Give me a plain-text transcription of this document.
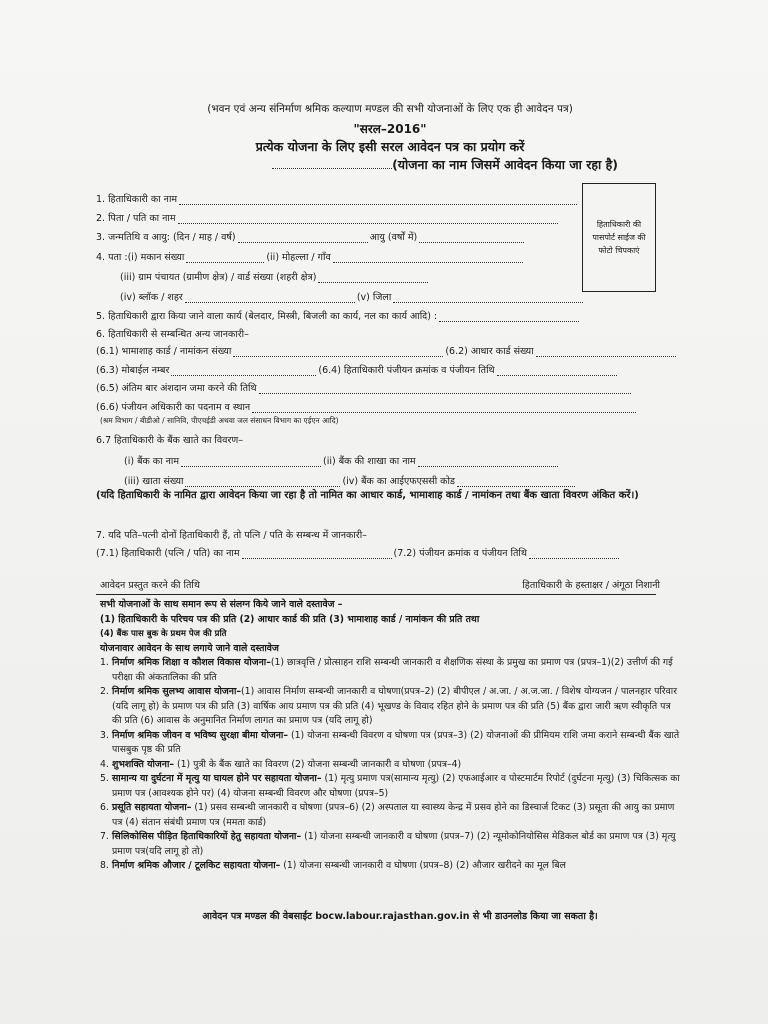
(भवन एवं अन्य संनिर्माण श्रमिक कल्याण मण्डल की सभी योजनाओं के लिए एक ही आवेदन पत्र)
"सरल–2016"
प्रत्येक योजना के लिए इसी सरल आवेदन पत्र का प्रयोग करें
(योजना का नाम जिसमें आवेदन किया जा रहा है)
हिताधिकारी की पासपोर्ट साईज की फोटो चिपकाएं
1. हिताधिकारी का नाम
2. पिता / पति का नाम
3. जन्मतिथि व आयु: (दिन / माह / वर्ष)	आयु (वर्षों में)
4. पता :(i) मकान संख्या	(ii) मोहल्ला / गाँव
(iii) ग्राम पंचायत (ग्रामीण क्षेत्र) / वार्ड संख्या (शहरी क्षेत्र)
(iv) ब्लॉक / शहर	(v) जिला
5. हिताधिकारी द्वारा किया जाने वाला कार्य (बेलदार, मिस्त्री, बिजली का कार्य, नल का कार्य आदि) :
6. हिताधिकारी से सम्बन्धित अन्य जानकारी–
(6.1) भामाशाह कार्ड / नामांकन संख्या	(6.2) आधार कार्ड संख्या
(6.3) मोबाईल नम्बर	(6.4) हिताधिकारी पंजीयन क्रमांक व पंजीयन तिथि
(6.5) अंतिम बार अंशदान जमा करने की तिथि
(6.6) पंजीयन अधिकारी का पदनाम व स्थान
(श्रम विभाग / बीडीओ / सानिवि, पीएचईडी अथवा जल संसाधन विभाग का एईएन आदि)
6.7 हिताधिकारी के बैंक खाते का विवरण–
(i) बैंक का नाम	(ii) बैंक की शाखा का नाम
(iii) खाता संख्या	(iv) बैंक का आईएफएससी कोड
(यदि हिताधिकारी के नामित द्वारा आवेदन किया जा रहा है तो नामित का आधार कार्ड, भामाशाह कार्ड / नामांकन तथा बैंक खाता विवरण अंकित करें।)
7. यदि पति–पत्नी दोनों हिताधिकारी हैं, तो पत्नि / पति के सम्बन्ध में जानकारी–
(7.1) हिताधिकारी (पत्नि / पति) का नाम	(7.2) पंजीयन क्रमांक व पंजीयन तिथि
आवेदन प्रस्तुत करने की तिथि	हिताधिकारी के हस्ताक्षर / अंगूठा निशानी
सभी योजनाओं के साथ समान रूप से संलग्न किये जाने वाले दस्तावेज –
(1) हिताधिकारी के परिचय पत्र की प्रति (2) आधार कार्ड की प्रति (3) भामाशाह कार्ड / नामांकन की प्रति तथा
(4) बैंक पास बुक के प्रथम पेज की प्रति
योजनावार आवेदन के साथ लगाये जाने वाले दस्तावेज
1. निर्माण श्रमिक शिक्षा व कौशल विकास योजना–(1) छात्रवृत्ति / प्रोत्साहन राशि सम्बन्धी जानकारी व शैक्षणिक संस्था के प्रमुख का प्रमाण पत्र (प्रपत्र–1)(2) उत्तीर्ण की गई परीक्षा की अंकतालिका की प्रति
2. निर्माण श्रमिक सुलभ्य आवास योजना–(1) आवास निर्माण सम्बन्धी जानकारी व घोषणा(प्रपत्र–2) (2) बीपीएल / अ.जा. / अ.ज.जा. / विशेष योग्यजन / पालनहार परिवार (यदि लागू हो) के प्रमाण पत्र की प्रति (3) वार्षिक आय प्रमाण पत्र की प्रति (4) भूखण्ड के विवाद रहित होने के प्रमाण पत्र की प्रति (5) बैंक द्वारा जारी ऋण स्वीकृति पत्र की प्रति (6) आवास के अनुमानित निर्माण लागत का प्रमाण पत्र (यदि लागू हो)
3. निर्माण श्रमिक जीवन व भविष्य सुरक्षा बीमा योजना– (1) योजना सम्बन्धी विवरण व घोषणा पत्र (प्रपत्र–3) (2) योजनाओं की प्रीमियम राशि जमा कराने सम्बन्धी बैंक खाते पासबुक पृष्ठ की प्रति
4. शुभशक्ति योजना– (1) पुत्री के बैंक खाते का विवरण (2) योजना सम्बन्धी जानकारी व घोषणा (प्रपत्र–4)
5. सामान्य या दुर्घटना में मृत्यु या घायल होने पर सहायता योजना– (1) मृत्यु प्रमाण पत्र(सामान्य मृत्यु) (2) एफआईआर व पोस्टमार्टम रिपोर्ट (दुर्घटना मृत्यु) (3) चिकित्सक का प्रमाण पत्र (आवश्यक होने पर) (4) योजना सम्बन्धी विवरण और घोषणा (प्रपत्र–5)
6. प्रसूति सहायता योजना– (1) प्रसव सम्बन्धी जानकारी व घोषणा (प्रपत्र–6) (2) अस्पताल या स्वास्थ्य केन्द्र में प्रसव होने का डिस्चार्ज टिकट (3) प्रसूता की आयु का प्रमाण पत्र (4) संतान संबंधी प्रमाण पत्र (ममता कार्ड)
7. सिलिकोसिस पीड़ित हिताधिकारियों हेतु सहायता योजना– (1) योजना सम्बन्धी जानकारी व घोषणा (प्रपत्र–7) (2) न्यूमोकोनियोसिस मेडिकल बोर्ड का प्रमाण पत्र (3) मृत्यु प्रमाण पत्र(यदि लागू हो तो)
8. निर्माण श्रमिक औजार / टूलकिट सहायता योजना– (1) योजना सम्बन्धी जानकारी व घोषणा (प्रपत्र–8) (2) औजार खरीदने का मूल बिल
आवेदन पत्र मण्डल की वेबसाईट bocw.labour.rajasthan.gov.in से भी डाउनलोड किया जा सकता है।
